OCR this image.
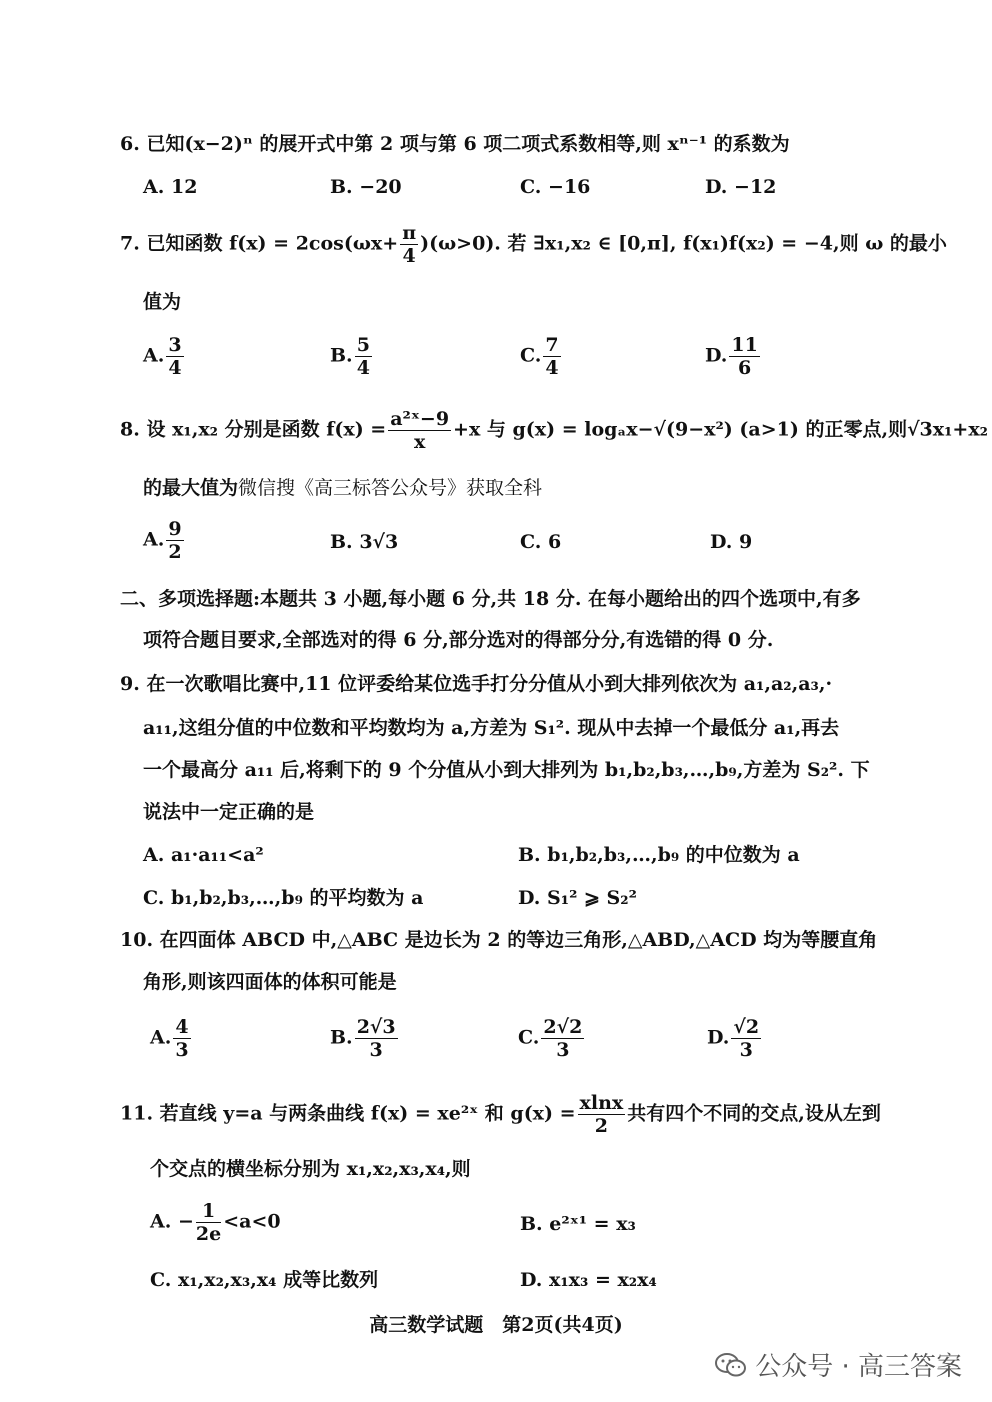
6. 已知(x−2)ⁿ 的展开式中第 2 项与第 6 项二项式系数相等,则 xⁿ⁻¹ 的系数为
A. 12	B. −20	C. −16	D. −12
7. 已知函数 $f(x) = 2\cos(\omega x+ \frac{\pi}{4} )(\omega>0)$. 若 ∃x₁,x₂ ∈ [0,π], f(x₁)f(x₂) = −4,则 ω 的最小
值为
A. $\frac{3}{4}$	B. $\frac{5}{4}$	C. $\frac{7}{4}$	D. $\frac{11}{6}$
8. 设 x₁,x₂ 分别是函数 $f(x) = \frac{\text{a²ˣ−9}}{x} +x$ 与 g(x) = logₐx−√(9−x²) (a>1) 的正零点,则√3x₁+x₂
的最大值为微信搜《高三标答公众号》获取全科
A. $\frac{9}{2}$	B. 3√3	C. 6	D. 9
二、多项选择题:本题共 3 小题,每小题 6 分,共 18 分. 在每小题给出的四个选项中,有多
项符合题目要求,全部选对的得 6 分,部分选对的得部分分,有选错的得 0 分.
9. 在一次歌唱比赛中,11 位评委给某位选手打分分值从小到大排列依次为 a₁,a₂,a₃,·
a₁₁,这组分值的中位数和平均数均为 a,方差为 S₁². 现从中去掉一个最低分 a₁,再去
一个最高分 a₁₁ 后,将剩下的 9 个分值从小到大排列为 b₁,b₂,b₃,…,b₉,方差为 S₂². 下
说法中一定正确的是
A. a₁·a₁₁<a²	B. b₁,b₂,b₃,…,b₉ 的中位数为 a
C. b₁,b₂,b₃,…,b₉ 的平均数为 a	D. S₁² ⩾ S₂²
10. 在四面体 ABCD 中,△ABC 是边长为 2 的等边三角形,△ABD,△ACD 均为等腰直角
角形,则该四面体的体积可能是
A. $\frac{4}{3}$	B. $\frac{2√3}{3}$	C. $\frac{2√2}{3}$	D. $\frac{√2}{3}$
11. 若直线 y=a 与两条曲线 f(x) = xe²ˣ 和 $g(x) = \frac{xlnx}{2}$ 共有四个不同的交点,设从左到
个交点的横坐标分别为 x₁,x₂,x₃,x₄,则
A. − $\frac{1}{2e} <a<0$	B. e²ˣ¹ = x₃
C. x₁,x₂,x₃,x₄ 成等比数列	D. x₁x₃ = x₂x₄
高三数学试题　第2页(共4页)
公众号 · 高三答案
